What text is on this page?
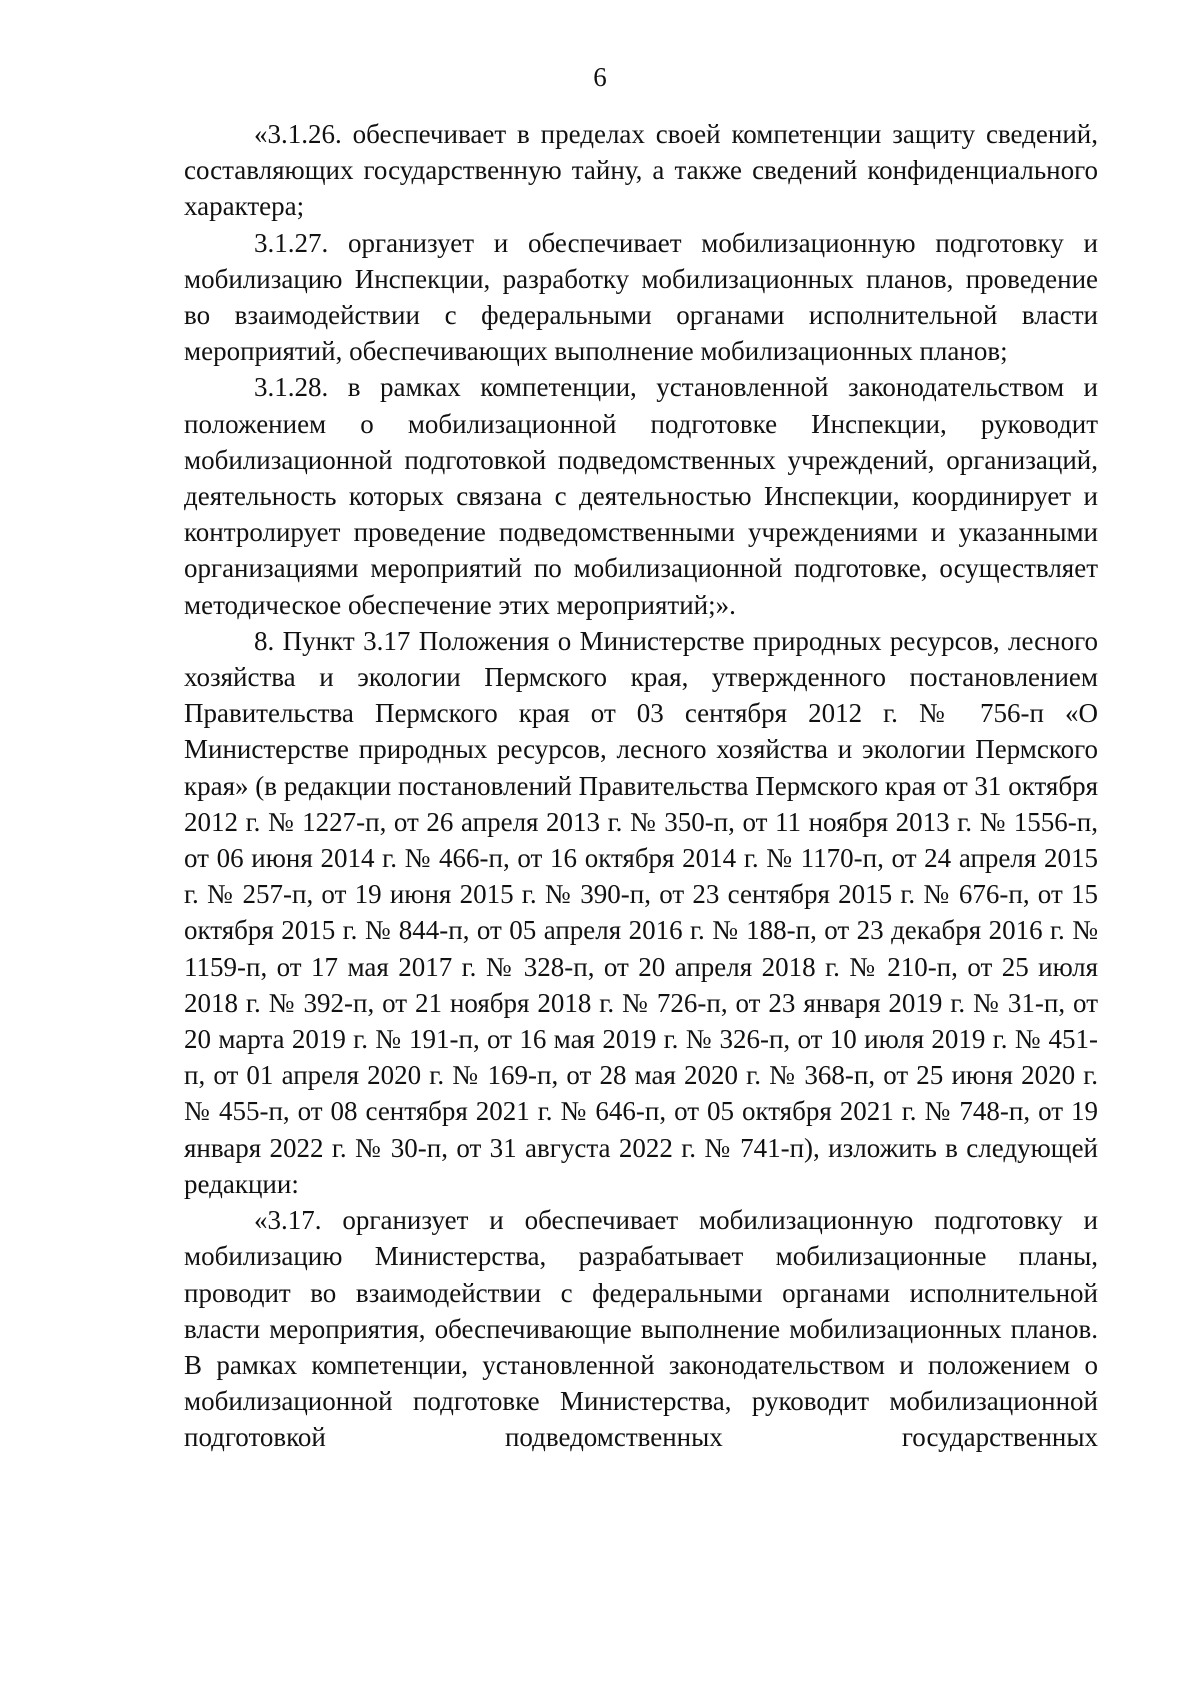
6

«3.1.26. обеспечивает в пределах своей компетенции защиту сведений, составляющих государственную тайну, а также сведений конфиденциального характера;

3.1.27. организует и обеспечивает мобилизационную подготовку и мобилизацию Инспекции, разработку мобилизационных планов, проведение во взаимодействии с федеральными органами исполнительной власти мероприятий, обеспечивающих выполнение мобилизационных планов;

3.1.28. в рамках компетенции, установленной законодательством и положением о мобилизационной подготовке Инспекции, руководит мобилизационной подготовкой подведомственных учреждений, организаций, деятельность которых связана с деятельностью Инспекции, координирует и контролирует проведение подведомственными учреждениями и указанными организациями мероприятий по мобилизационной подготовке, осуществляет методическое обеспечение этих мероприятий;».

8. Пункт 3.17 Положения о Министерстве природных ресурсов, лесного хозяйства и экологии Пермского края, утвержденного постановлением Правительства Пермского края от 03 сентября 2012 г. № 756-п «О Министерстве природных ресурсов, лесного хозяйства и экологии Пермского края» (в редакции постановлений Правительства Пермского края от 31 октября 2012 г. № 1227-п, от 26 апреля 2013 г. № 350-п, от 11 ноября 2013 г. № 1556-п, от 06 июня 2014 г. № 466-п, от 16 октября 2014 г. № 1170-п, от 24 апреля 2015 г. № 257-п, от 19 июня 2015 г. № 390-п, от 23 сентября 2015 г. № 676-п, от 15 октября 2015 г. № 844-п, от 05 апреля 2016 г. № 188-п, от 23 декабря 2016 г. № 1159-п, от 17 мая 2017 г. № 328-п, от 20 апреля 2018 г. № 210-п, от 25 июля 2018 г. № 392-п, от 21 ноября 2018 г. № 726-п, от 23 января 2019 г. № 31-п, от 20 марта 2019 г. № 191-п, от 16 мая 2019 г. № 326-п, от 10 июля 2019 г. № 451-п, от 01 апреля 2020 г. № 169-п, от 28 мая 2020 г. № 368-п, от 25 июня 2020 г. № 455-п, от 08 сентября 2021 г. № 646-п, от 05 октября 2021 г. № 748-п, от 19 января 2022 г. № 30-п, от 31 августа 2022 г. № 741-п), изложить в следующей редакции:

«3.17. организует и обеспечивает мобилизационную подготовку и мобилизацию Министерства, разрабатывает мобилизационные планы, проводит во взаимодействии с федеральными органами исполнительной власти мероприятия, обеспечивающие выполнение мобилизационных планов. В рамках компетенции, установленной законодательством и положением о мобилизационной подготовке Министерства, руководит мобилизационной подготовкой подведомственных государственных
